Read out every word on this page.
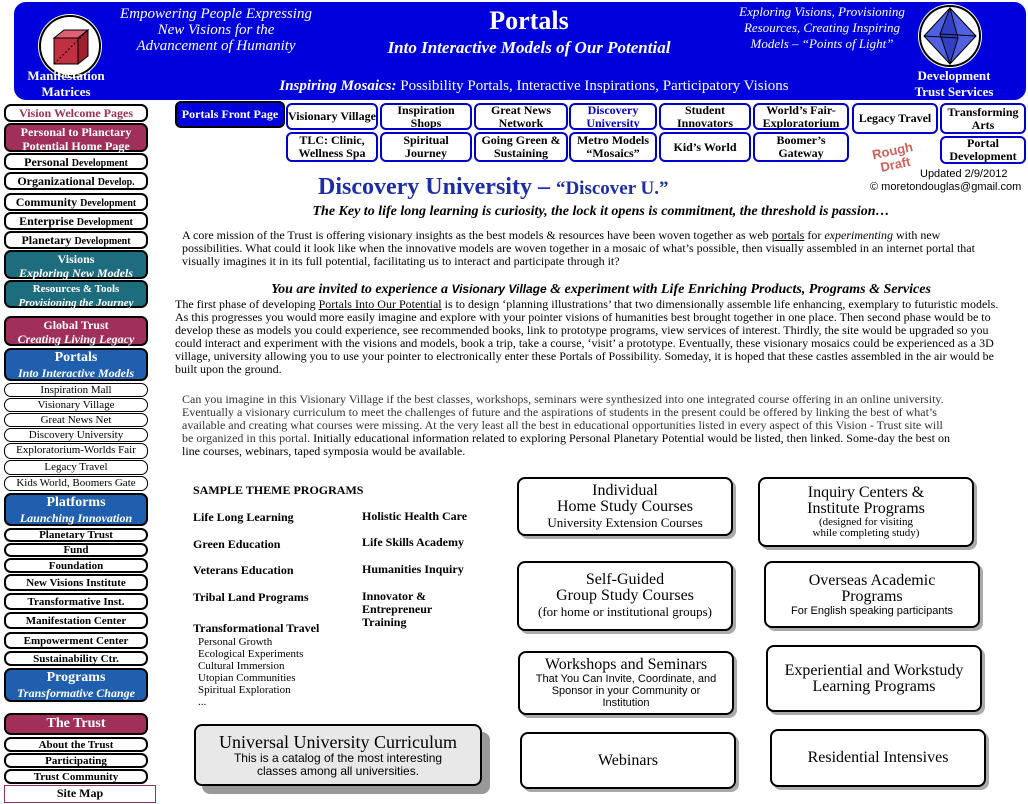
Empowering People Expressing New Visions for the Advancement of Humanity
Portals
Into Interactive Models of Our Potential
Exploring Visions, Provisioning Resources, Creating Inspiring Models – “Points of Light”
Manifestation Matrices
Development Trust Services
Inspiring Mosaics: Possibility Portals, Interactive Inspirations, Participatory Visions
Vision Welcome Pages
Personal to Planctary Potential Home Page
Personal Development
Organizational Develop.
Community Development
Enterprise Development
Planetary Development
Visions
Exploring New Models
Resources & Tools
Provisioning the Journey
Global Trust
Creating Living Legacy
Portals
Into Interactive Models
Inspiration Mall
Visionary Village
Great News Net
Discovery University
Exploratorium-Worlds Fair
Legacy Travel
Kids World, Boomers Gate
Platforms
Launching Innovation
Planetary Trust
Fund
Foundation
New Visions Institute
Transformative Inst.
Manifestation Center
Empowerment Center
Sustainability Ctr.
Programs
Transformative Change
The Trust
About the Trust
Participating
Trust Community
Site Map
Portals Front Page Visionary Village	Inspiration Shops
Great News Network
Discovery University
Student Innovators
World’s Fair-Exploratorium	Legacy Travel	Transforming Arts
TLC: Clinic, Wellness Spa
Spiritual Journey
Going Green & Sustaining
Metro Models “Mosaics”	Kid’s World	Boomer’s Gateway
Portal Development
Rough Draft Updated 2/9/2012
© moretondouglas@gmail.com
Discovery University – “Discover U.”
The Key to life long learning is curiosity, the lock it opens is commitment, the threshold is passion…
A core mission of the Trust is offering visionary insights as the best models & resources have been woven together as web portals for experimenting with new possibilities. What could it look like when the innovative models are woven together in a mosaic of what’s possible, then visually assembled in an internet portal that visually imagines it in its full potential, facilitating us to interact and participate through it?
You are invited to experience a Visionary Village & experiment with Life Enriching Products, Programs & Services
The first phase of developing Portals Into Our Potential is to design ‘planning illustrations’ that two dimensionally assemble life enhancing, exemplary to futuristic models. As this progresses you would more easily imagine and explore with your pointer visions of humanities best brought together in one place. Then second phase would be to develop these as models you could experience, see recommended books, link to prototype programs, view services of interest. Thirdly, the site would be upgraded so you could interact and experiment with the visions and models, book a trip, take a course, ‘visit’ a prototype. Eventually, these visionary mosaics could be experienced as a 3D village, university allowing you to use your pointer to electronically enter these Portals of Possibility. Someday, it is hoped that these castles assembled in the air would be built upon the ground.
Can you imagine in this Visionary Village if the best classes, workshops, seminars were synthesized into one integrated course offering in an online university. Eventually a visionary curriculum to meet the challenges of future and the aspirations of students in the present could be offered by linking the best of what’s available and creating what courses were missing. At the very least all the best in educational opportunities listed in every aspect of this Vision - Trust site will be organized in this portal. Initially educational information related to exploring Personal Planetary Potential would be listed, then linked. Some-day the best on line courses, webinars, taped symposia would be available.
SAMPLE THEME PROGRAMS
Life Long Learning
Green Education
Veterans Education
Tribal Land Programs
Transformational Travel
Holistic Health Care
Life Skills Academy
Humanities Inquiry
Innovator & Entrepreneur Training
Personal Growth
Ecological Experiments
Cultural Immersion
Utopian Communities
Spiritual Exploration
...
Universal University Curriculum
This is a catalog of the most interesting classes among all universities.
Individual
Home Study Courses
University Extension Courses
Inquiry Centers &
Institute Programs
(designed for visiting
while completing study)
Self-Guided
Group Study Courses
(for home or institutional groups)
Overseas Academic
Programs
For English speaking participants
Workshops and Seminars
That You Can Invite, Coordinate, and Sponsor in your Community or Institution
Experiential and Workstudy
Learning Programs
Webinars	Residential Intensives
